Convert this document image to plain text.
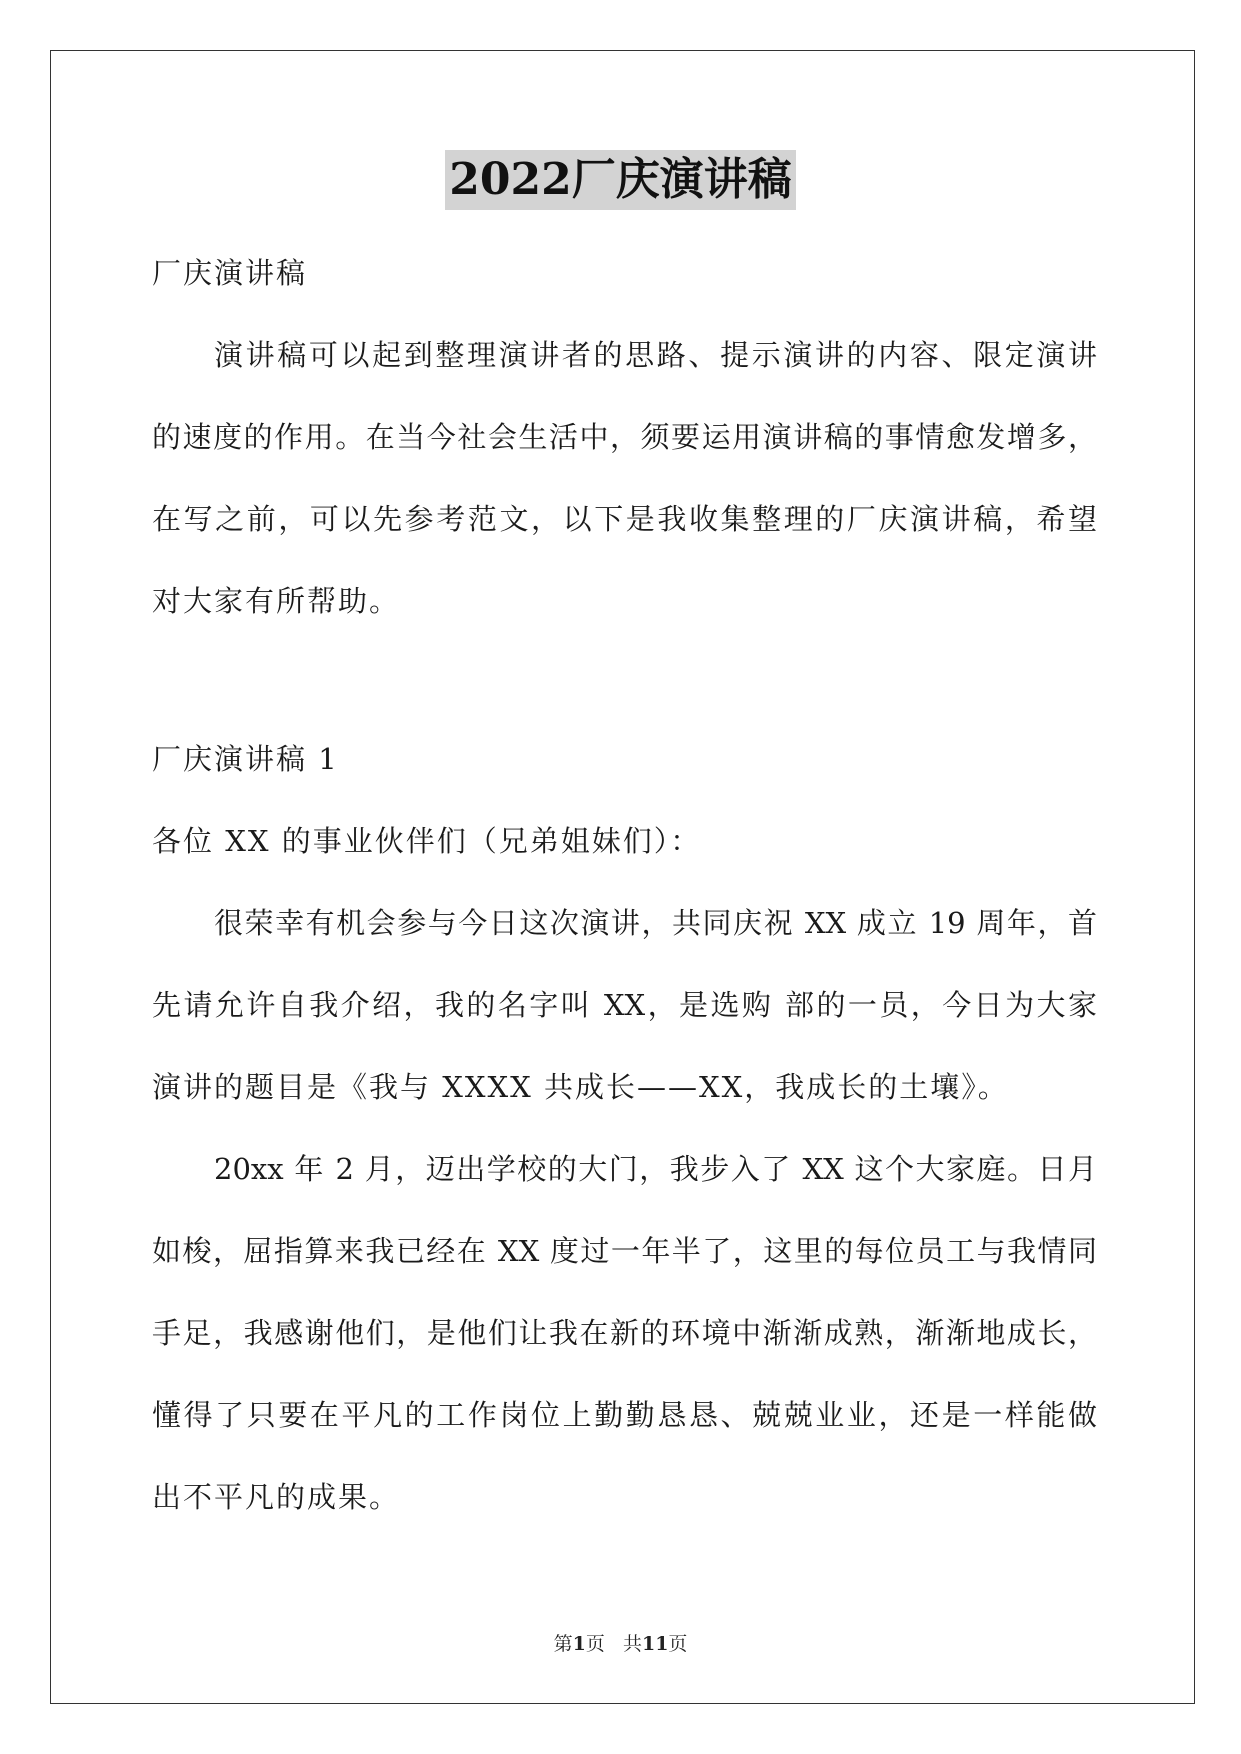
2022厂庆演讲稿
厂庆演讲稿
演讲稿可以起到整理演讲者的思路、提示演讲的内容、限定演讲
的速度的作用。在当今社会生活中，须要运用演讲稿的事情愈发增多，
在写之前，可以先参考范文，以下是我收集整理的厂庆演讲稿，希望
对大家有所帮助。
厂庆演讲稿 1
各位 XX 的事业伙伴们（兄弟姐妹们）：
很荣幸有机会参与今日这次演讲，共同庆祝 XX 成立 19 周年，首
先请允许自我介绍，我的名字叫 XX，是选购 部的一员，今日为大家
演讲的题目是《我与 XXXX 共成长——XX，我成长的土壤》。
20xx 年 2 月，迈出学校的大门，我步入了 XX 这个大家庭。日月
如梭，屈指算来我已经在 XX 度过一年半了，这里的每位员工与我情同
手足，我感谢他们，是他们让我在新的环境中渐渐成熟，渐渐地成长，
懂得了只要在平凡的工作岗位上勤勤恳恳、兢兢业业，还是一样能做
出不平凡的成果。
第1页 共11页
